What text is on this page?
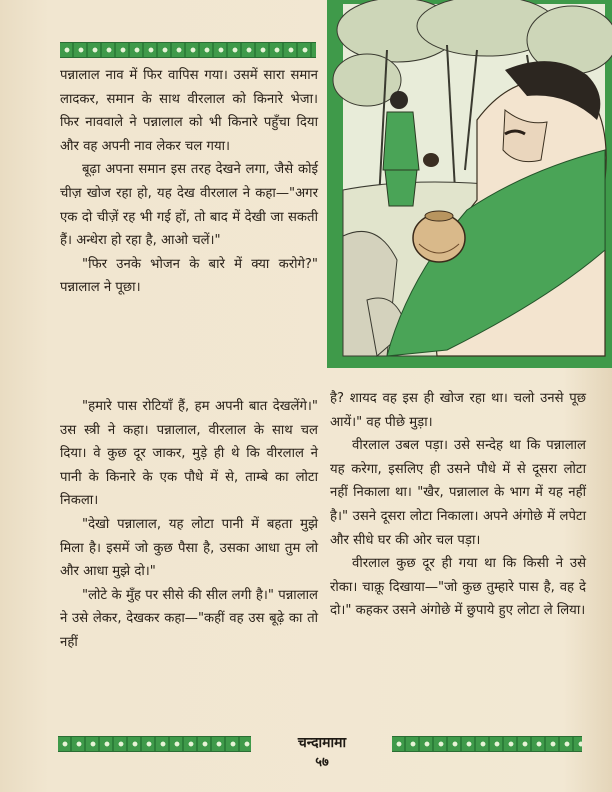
पन्नालाल नाव में फिर वापिस गया। उसमें सारा समान लादकर, समान के साथ वीरलाल को किनारे भेजा। फिर नाववाले ने पन्नालाल को भी किनारे पहुँचा दिया और वह अपनी नाव लेकर चल गया।

बूढ़ा अपना समान इस तरह देखने लगा, जैसे कोई चीज़ खोज रहा हो, यह देख वीरलाल ने कहा—"अगर एक दो चीज़ें रह भी गई हों, तो बाद में देखी जा सकती हैं। अन्धेरा हो रहा है, आओ चलें।"

"फिर उनके भोजन के बारे में क्या करोगे?" पन्नालाल ने पूछा।

"हमारे पास रोटियाँ हैं, हम अपनी बात देखलेंगे।" उस स्त्री ने कहा। पन्नालाल, वीरलाल के साथ चल दिया। वे कुछ दूर जाकर, मुड़े ही थे कि वीरलाल ने पानी के किनारे के एक पौधे में से, ताम्बे का लोटा निकला।

"देखो पन्नालाल, यह लोटा पानी में बहता मुझे मिला है। इसमें जो कुछ पैसा है, उसका आधा तुम लो और आधा मुझे दो।"

"लोटे के मुँह पर सीसे की सील लगी है।" पन्नालाल ने उसे लेकर, देखकर कहा—"कहीं वह उस बूढ़े का तो नहीं

है? शायद वह इस ही खोज रहा था। चलो उनसे पूछ आयें।" वह पीछे मुड़ा।

वीरलाल उबल पड़ा। उसे सन्देह था कि पन्नालाल यह करेगा, इसलिए ही उसने पौधे में से दूसरा लोटा नहीं निकाला था। "खैर, पन्नालाल के भाग में यह नहीं है।" उसने दूसरा लोटा निकाला। अपने अंगोछे में लपेटा और सीधे घर की ओर चल पड़ा।

वीरलाल कुछ दूर ही गया था कि किसी ने उसे रोका। चाक़ू दिखाया—"जो कुछ तुम्हारे पास है, वह दे दो।" कहकर उसने अंगोछे में छुपाये हुए लोटा ले लिया।

चन्दामामा
५७
